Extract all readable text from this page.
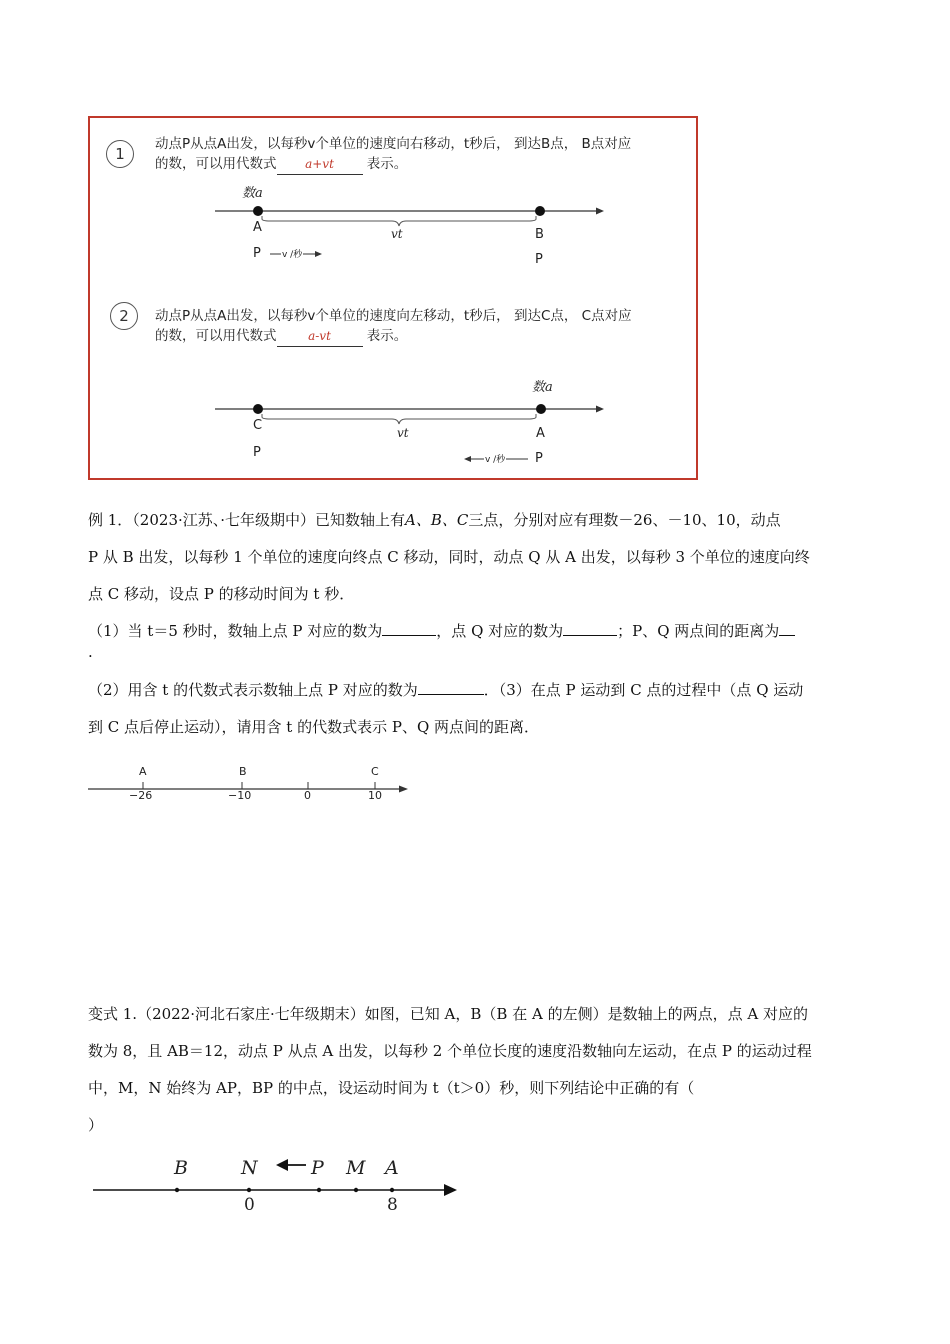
1
动点P从点A出发，以每秒v个单位的速度向右移动，t秒后， 到达B点， B点对应
的数，可以用代数式 a+vt 表示。
数a
A	B
vt
P v /秒	P
2	动点P从点A出发，以每秒v个单位的速度向左移动，t秒后， 到达C点， C点对应
的数，可以用代数式	a-vt	表示。
数a
C
A
vt
P	v /秒 P
例 1．（2023·江苏、·七年级期中）已知数轴上有A、B、C三点，分别对应有理数－26、－10、10，动点
P 从 B 出发，以每秒 1 个单位的速度向终点 C 移动，同时，动点 Q 从 A 出发，以每秒 3 个单位的速度向终
点 C 移动，设点 P 的移动时间为 t 秒．
（1）当 t＝5 秒时，数轴上点 P 对应的数为	，点 Q 对应的数为	；P、Q 两点间的距离为
.
（2）用含 t 的代数式表示数轴上点 P 对应的数为	．（3）在点 P 运动到 C 点的过程中（点 Q 运动
到 C 点后停止运动），请用含 t 的代数式表示 P、Q 两点间的距离．
A	B	C
−26	−10	0	10
变式 1.（2022·河北石家庄·七年级期末）如图，已知 A，B（B 在 A 的左侧）是数轴上的两点，点 A 对应的
数为 8，且 AB＝12，动点 P 从点 A 出发，以每秒 2 个单位长度的速度沿数轴向左运动，在点 P 的运动过程
中，M，N 始终为 AP，BP 的中点，设运动时间为 t（t＞0）秒，则下列结论中正确的有（
）
B	N	P M A
0	8
